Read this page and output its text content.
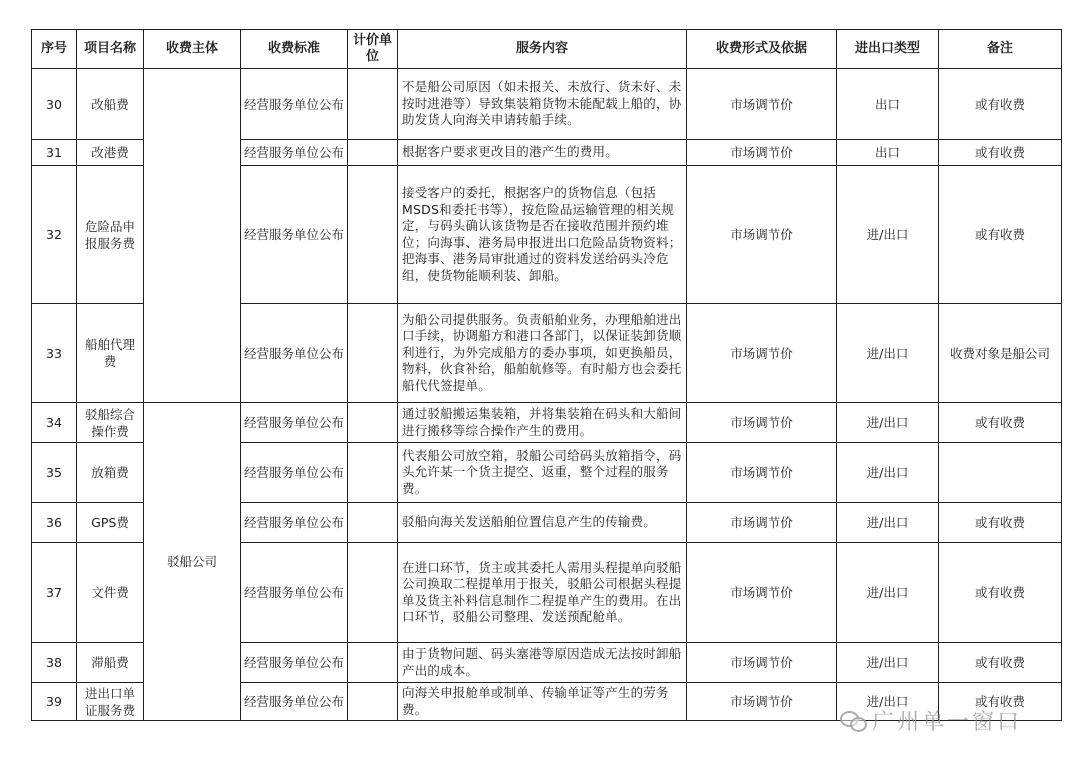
序号	项目名称	收费主体	收费标准	计价单位	服务内容	收费形式及依据	进出口类型	备注
30	改船费		经营服务单位公布		不是船公司原因（如未报关、未放行、货未好、未按时进港等）导致集装箱货物未能配载上船的，协助发货人向海关申请转船手续。	市场调节价	出口	或有收费
31	改港费		经营服务单位公布		根据客户要求更改目的港产生的费用。	市场调节价	出口	或有收费
32	危险品申报服务费		经营服务单位公布		接受客户的委托，根据客户的货物信息（包括MSDS和委托书等），按危险品运输管理的相关规定，与码头确认该货物是否在接收范围并预约堆位；向海事、港务局申报进出口危险品货物资料；把海事、港务局审批通过的资料发送给码头冷危组，使货物能顺利装、卸船。	市场调节价	进/出口	或有收费
33	船舶代理费		经营服务单位公布		为船公司提供服务。负责船舶业务，办理船舶进出口手续，协调船方和港口各部门，以保证装卸货顺利进行，为外完成船方的委办事项，如更换船员，物料，伙食补给，船舶航修等。有时船方也会委托船代代签提单。	市场调节价	进/出口	收费对象是船公司
34	驳船综合操作费	驳船公司	经营服务单位公布		通过驳船搬运集装箱，并将集装箱在码头和大船间进行搬移等综合操作产生的费用。	市场调节价	进/出口	或有收费
35	放箱费		经营服务单位公布		代表船公司放空箱，驳船公司给码头放箱指令，码头允许某一个货主提空、返重，整个过程的服务费。	市场调节价	进/出口	
36	GPS费		经营服务单位公布		驳船向海关发送船舶位置信息产生的传输费。	市场调节价	进/出口	或有收费
37	文件费		经营服务单位公布		在进口环节，货主或其委托人需用头程提单向驳船公司换取二程提单用于报关，驳船公司根据头程提单及货主补料信息制作二程提单产生的费用。在出口环节，驳船公司整理、发送预配舱单。	市场调节价	进/出口	或有收费
38	滞船费		经营服务单位公布		由于货物问题、码头塞港等原因造成无法按时卸船产出的成本。	市场调节价	进/出口	或有收费
39	进出口单证服务费		经营服务单位公布		向海关申报舱单或制单、传输单证等产生的劳务费。	市场调节价	进/出口	或有收费
广州单一窗口
